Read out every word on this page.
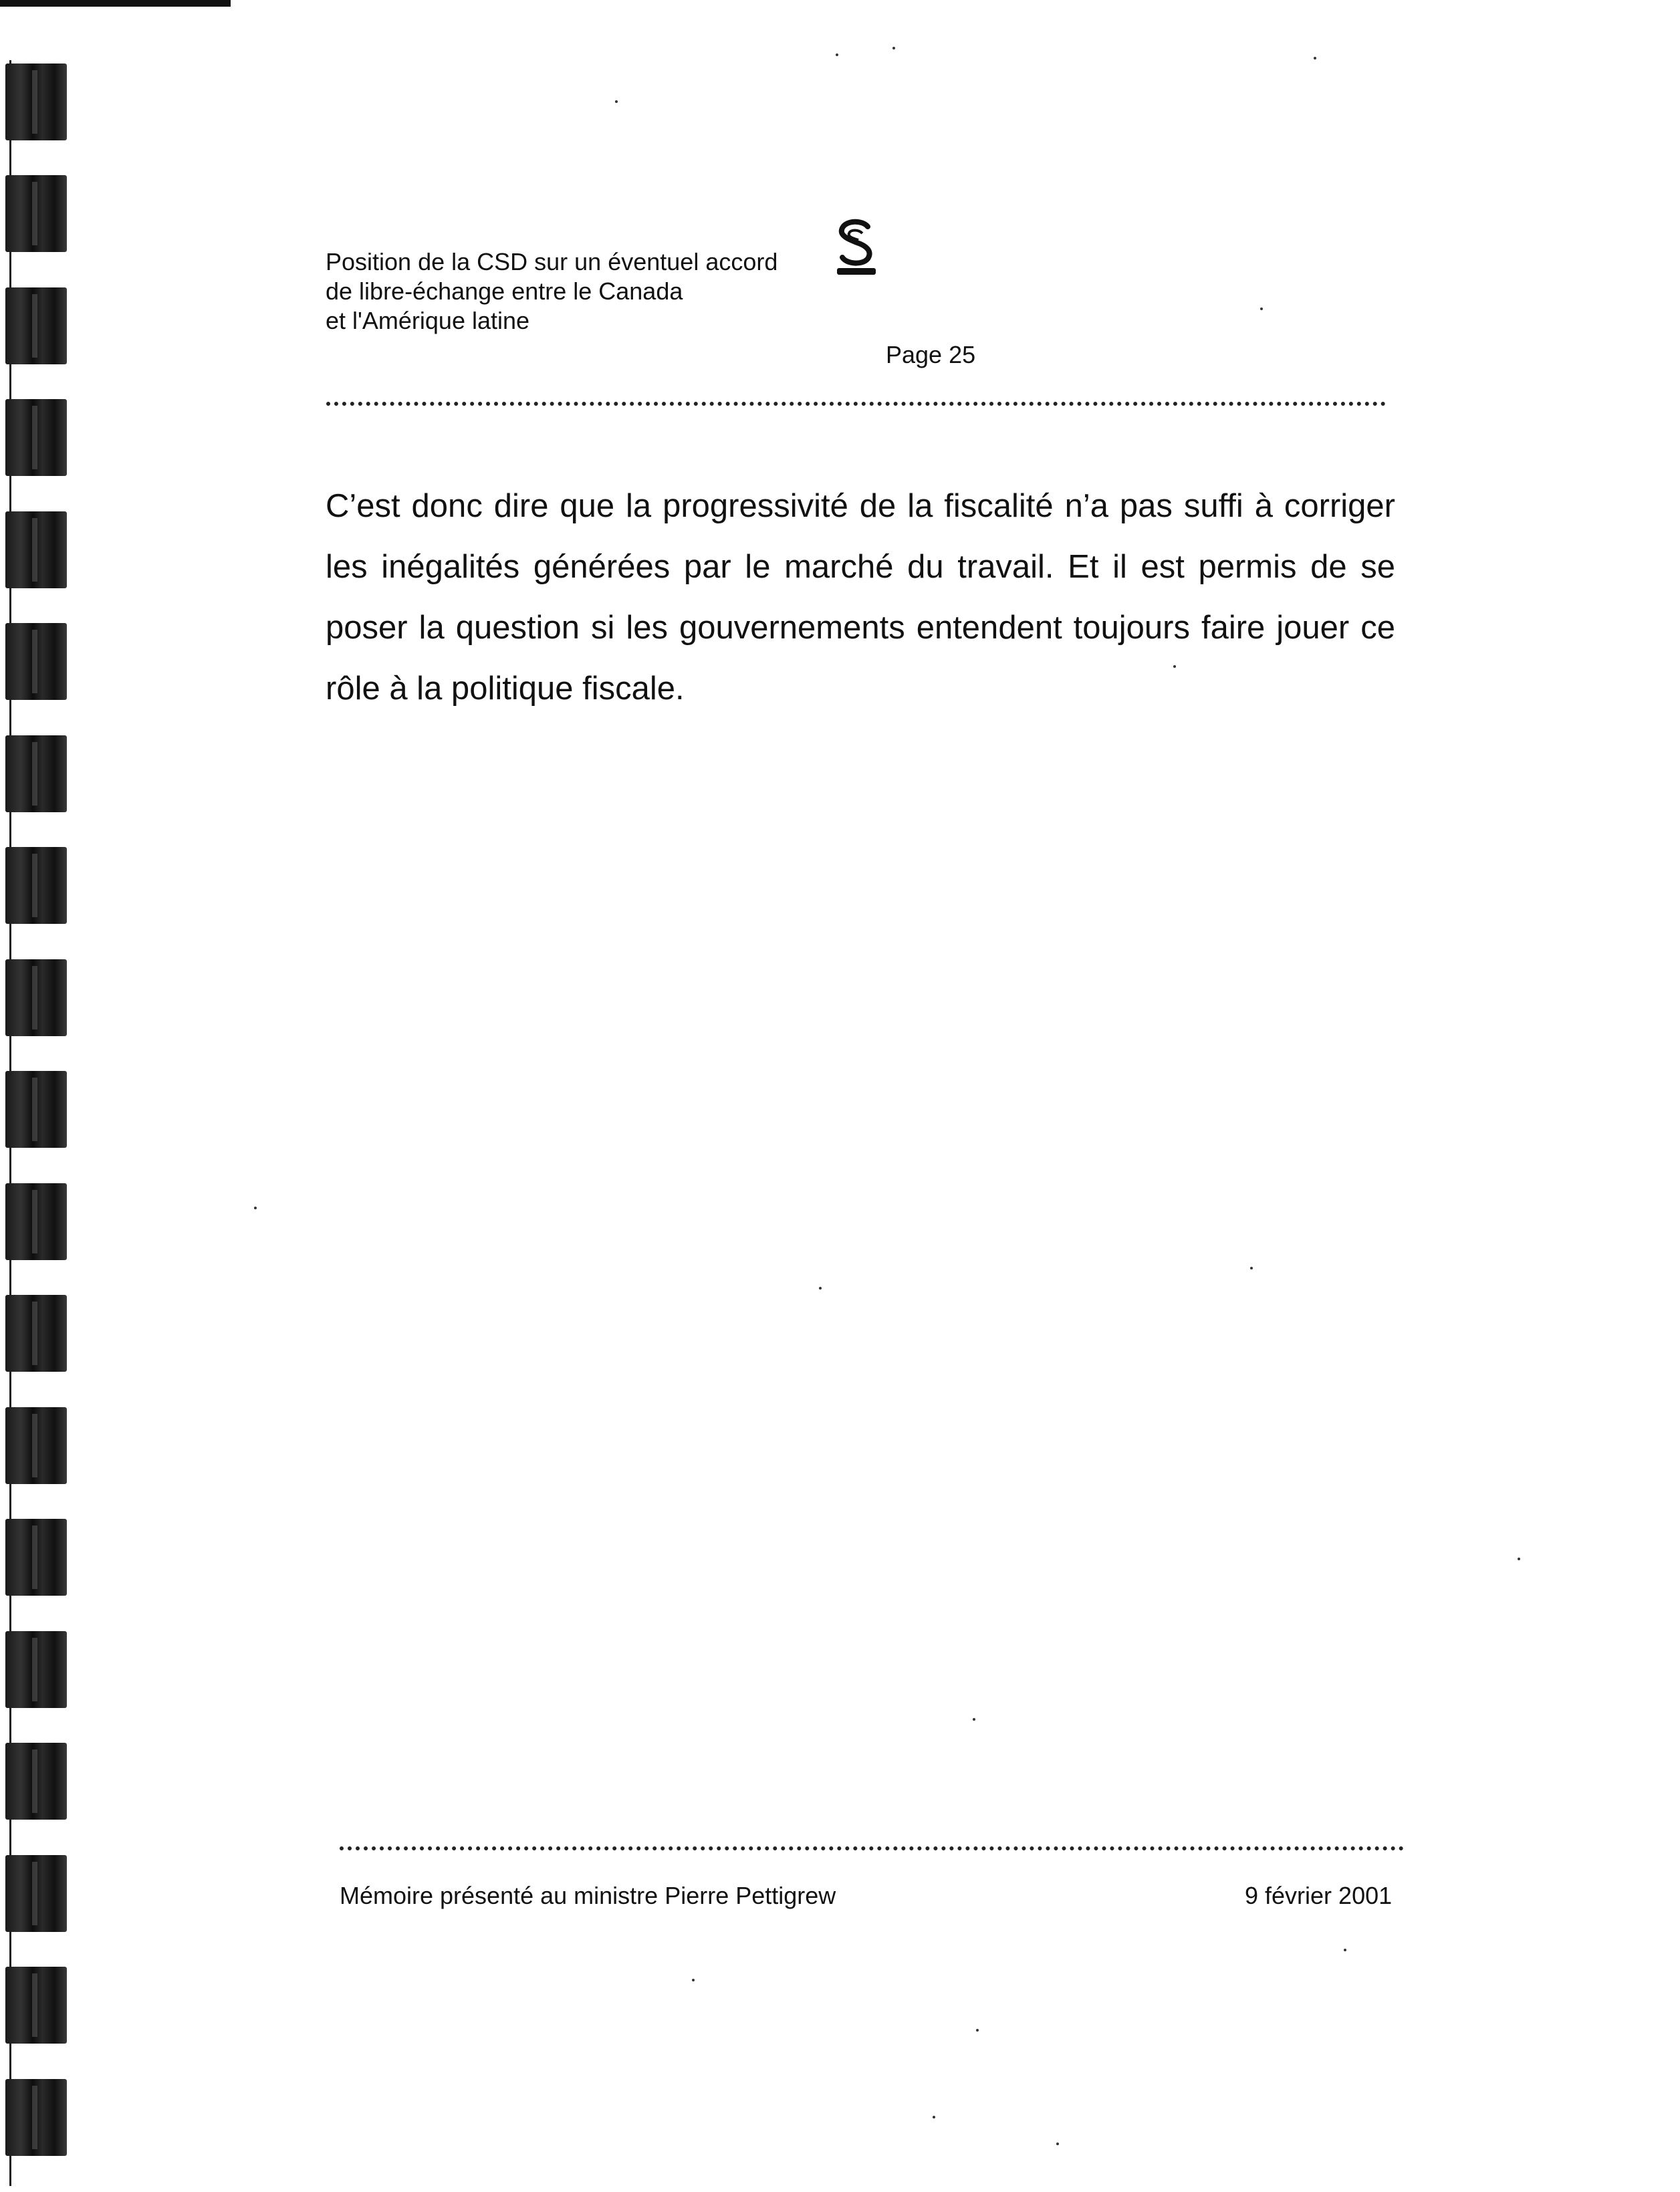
Position de la CSD sur un éventuel accord
de libre-échange entre le Canada
et l'Amérique latine
Page 25
C’est donc dire que la progressivité de la fiscalité n’a pas suffi à corriger les inégalités générées par le marché du travail. Et il est permis de se poser la question si les gouvernements entendent toujours faire jouer ce rôle à la politique fiscale.
Mémoire présenté au ministre Pierre Pettigrew	9 février 2001
